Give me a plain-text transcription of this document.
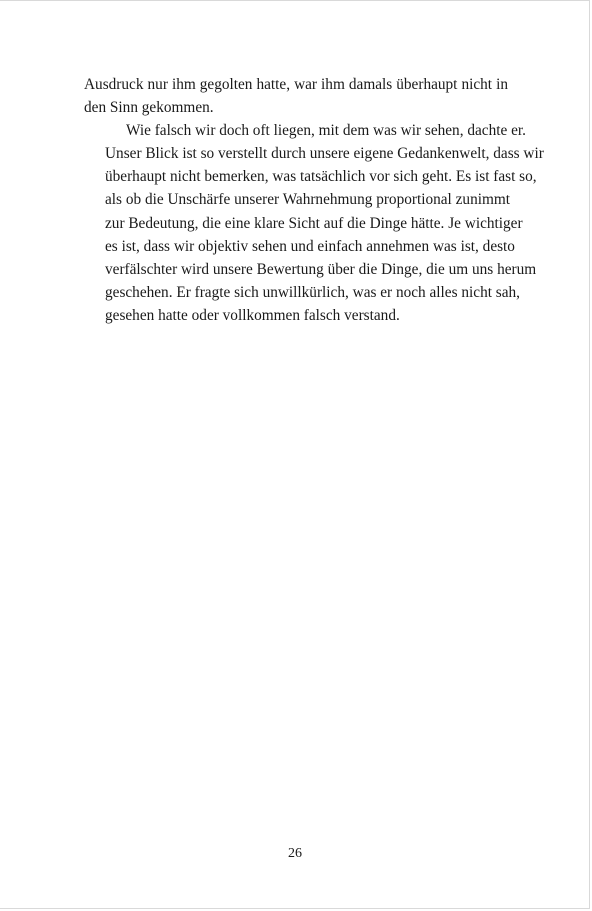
Ausdruck nur ihm gegolten hatte, war ihm damals überhaupt nicht in
den Sinn gekommen.

Wie falsch wir doch oft liegen, mit dem was wir sehen, dachte er.
Unser Blick ist so verstellt durch unsere eigene Gedankenwelt, dass wir
überhaupt nicht bemerken, was tatsächlich vor sich geht. Es ist fast so,
als ob die Unschärfe unserer Wahrnehmung proportional zunimmt
zur Bedeutung, die eine klare Sicht auf die Dinge hätte. Je wichtiger
es ist, dass wir objektiv sehen und einfach annehmen was ist, desto
verfälschter wird unsere Bewertung über die Dinge, die um uns herum
geschehen. Er fragte sich unwillkürlich, was er noch alles nicht sah,
gesehen hatte oder vollkommen falsch verstand.

26
